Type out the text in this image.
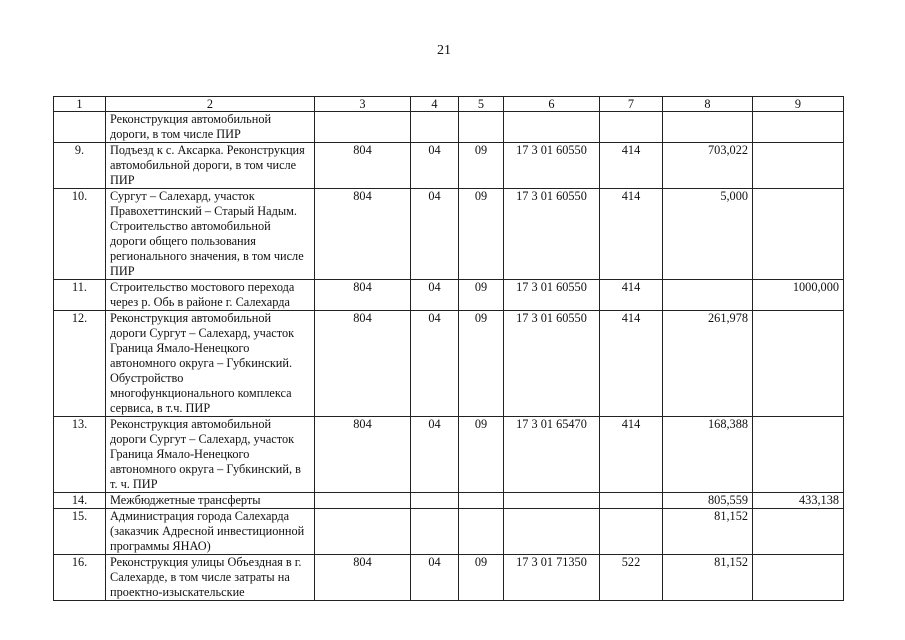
21
1	2	3	4	5	6	7	8	9
	Реконструкция автомобильной дороги, в том числе ПИР							
9.	Подъезд к с. Аксарка. Реконструкция автомобильной дороги, в том числе ПИР	804	04	09	17 3 01 60550	414	703,022	
10.	Сургут – Салехард, участок Правохеттинский – Старый Надым. Строительство автомобильной дороги общего пользования регионального значения, в том числе ПИР	804	04	09	17 3 01 60550	414	5,000	
11.	Строительство мостового перехода через р. Обь в районе г. Салехарда	804	04	09	17 3 01 60550	414		1000,000
12.	Реконструкция автомобильной дороги Сургут – Салехард, участок Граница Ямало-Ненецкого автономного округа – Губкинский. Обустройство многофункционального комплекса сервиса, в т.ч. ПИР	804	04	09	17 3 01 60550	414	261,978	
13.	Реконструкция автомобильной дороги Сургут – Салехард, участок Граница Ямало-Ненецкого автономного округа – Губкинский, в т. ч. ПИР	804	04	09	17 3 01 65470	414	168,388	
14.	Межбюджетные трансферты						805,559	433,138
15.	Администрация города Салехарда (заказчик Адресной инвестиционной программы ЯНАО)						81,152	
16.	Реконструкция улицы Объездная в г. Салехарде, в том числе затраты на проектно-изыскательские	804	04	09	17 3 01 71350	522	81,152	
